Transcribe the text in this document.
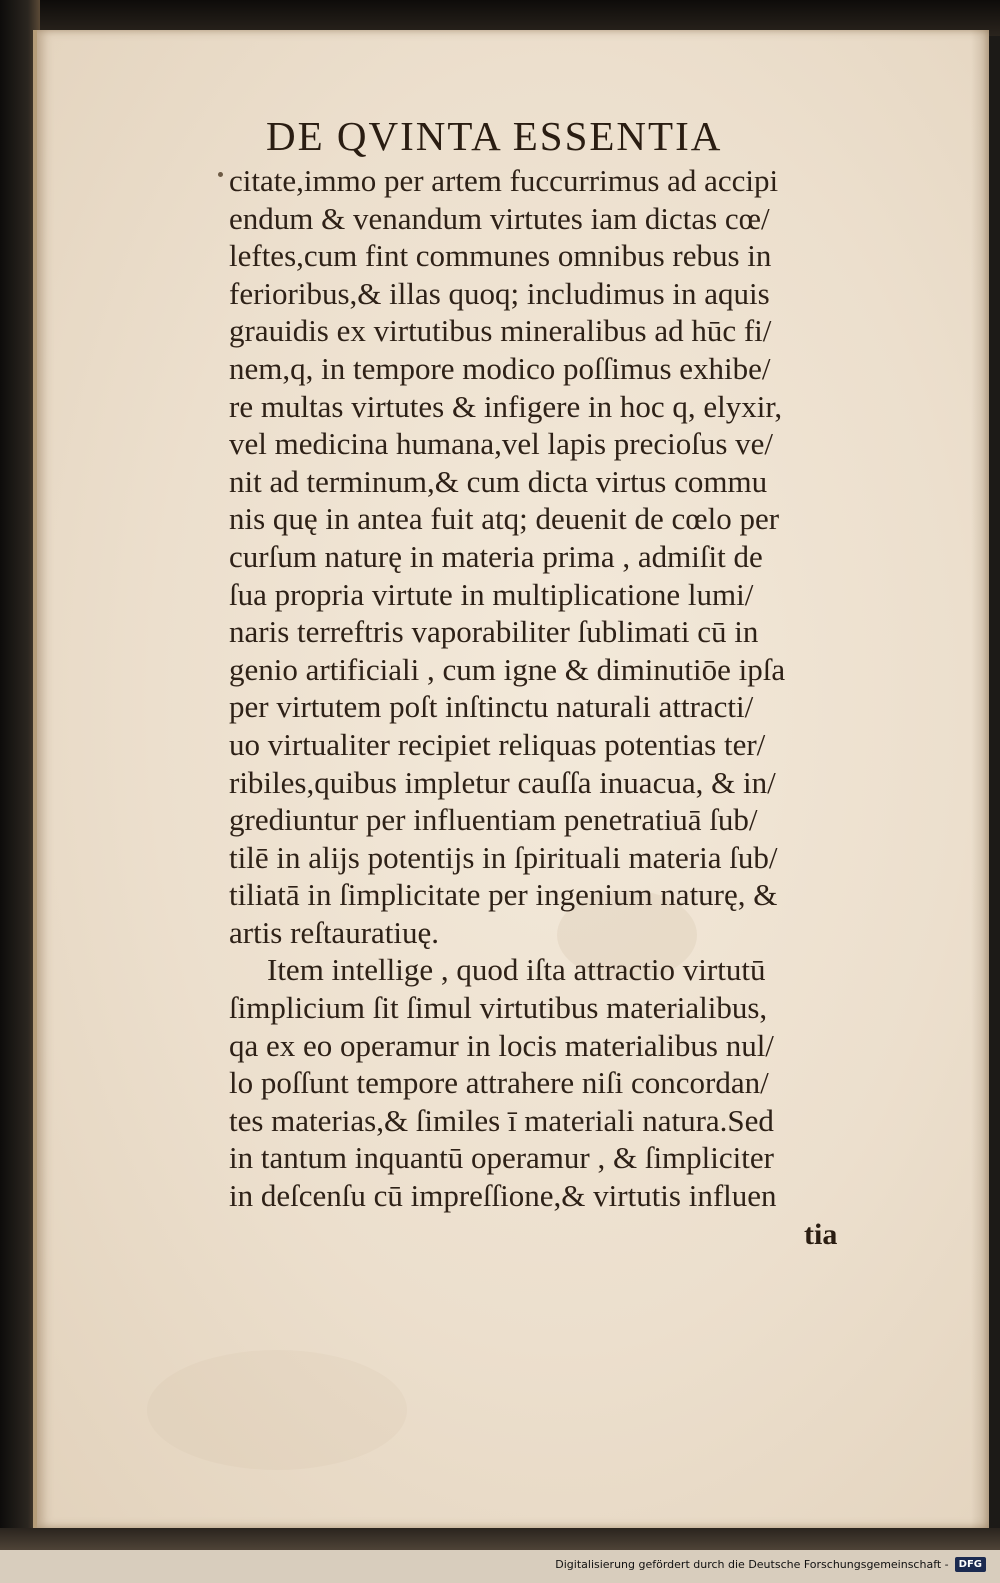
DE QVINTA ESSENTIA
citate,immo per artem fuccurrimus ad accipi
endum & venandum virtutes iam dictas cœ/
leftes,cum fint communes omnibus rebus in
ferioribus,& illas quoq; includimus in aquis
grauidis ex virtutibus mineralibus ad hūc fi/
nem,q, in tempore modico poſſimus exhibe/
re multas virtutes & infigere in hoc q, elyxir,
vel medicina humana,vel lapis precioſus ve/
nit ad terminum,& cum dicta virtus commu
nis quę in antea fuit atq; deuenit de cœlo per
curſum naturę in materia prima , admiſit de
ſua propria virtute in multiplicatione lumi/
naris terreftris vaporabiliter ſublimati cū in
genio artificiali , cum igne & diminutiōe ipſa
per virtutem poſt inſtinctu naturali attracti/
uo virtualiter recipiet reliquas potentias ter/
ribiles,quibus impletur cauſſa inuacua, & in/
grediuntur per influentiam penetratiuā ſub/
tilē in alijs potentijs in ſpirituali materia ſub/
tiliatā in ſimplicitate per ingenium naturę, &
artis reſtauratiuę.
Item intellige , quod iſta attractio virtutū
ſimplicium ſit ſimul virtutibus materialibus,
qa ex eo operamur in locis materialibus nul/
lo poſſunt tempore attrahere niſi concordan/
tes materias,& ſimiles ī materiali natura.Sed
in tantum inquantū operamur , & ſimpliciter
in deſcenſu cū impreſſione,& virtutis influen
tia
Digitalisierung gefördert durch die Deutsche Forschungsgemeinschaft -	DFG
